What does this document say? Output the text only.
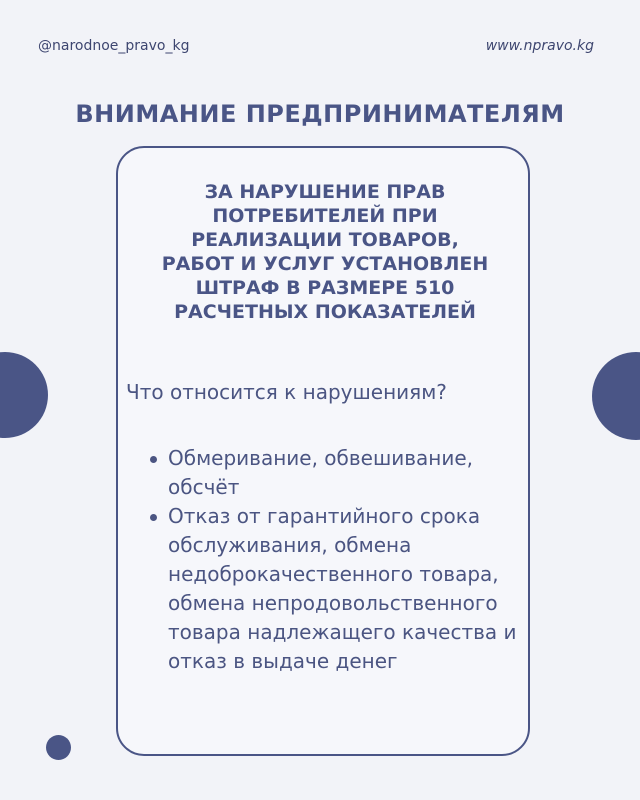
@narodnoe_pravo_kg	www.npravo.kg
ВНИМАНИЕ ПРЕДПРИНИМАТЕЛЯМ
ЗА НАРУШЕНИЕ ПРАВ ПОТРЕБИТЕЛЕЙ ПРИ РЕАЛИЗАЦИИ ТОВАРОВ, РАБОТ И УСЛУГ УСТАНОВЛЕН ШТРАФ В РАЗМЕРЕ 510 РАСЧЕТНЫХ ПОКАЗАТЕЛЕЙ
Что относится к нарушениям?
Обмеривание, обвешивание, обсчёт
Отказ от гарантийного срока обслуживания, обмена недоброкачественного товара, обмена непродовольственного товара надлежащего качества и отказ в выдаче денег
